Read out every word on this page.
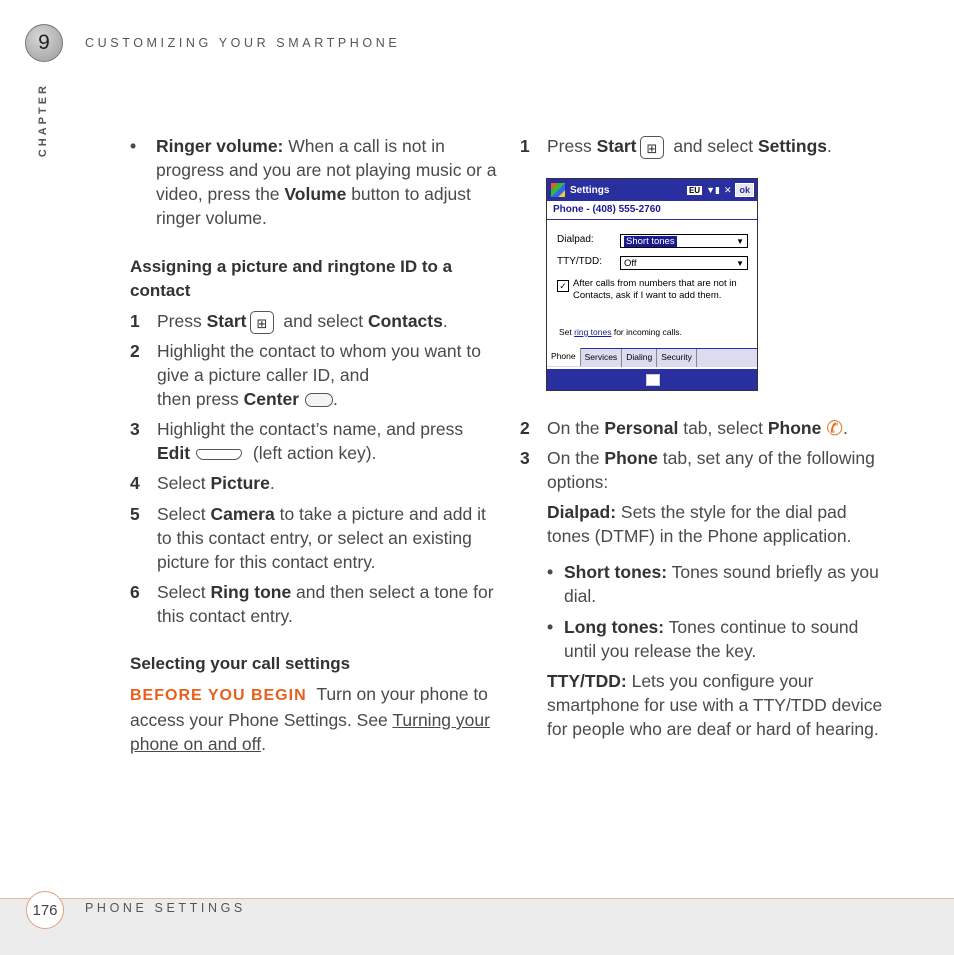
9	CUSTOMIZING YOUR SMARTPHONE
CHAPTER	• Ringer volume: When a call is not in progress and you are not playing music or a video, press the Volume button to adjust ringer volume.
Assigning a picture and ringtone ID to a contact
1 Press Start⊞ and select Contacts.
2 Highlight the contact to whom you want to give a picture caller ID, and
then press Center .
3 Highlight the contact’s name, and press Edit	(left action key).
4 Select Picture.
5 Select Camera to take a picture and add it to this contact entry, or select an existing picture for this contact entry.
6 Select Ring tone and then select a tone for this contact entry.
Selecting your call settings
BEFORE YOU BEGIN Turn on your phone to access your Phone Settings. See Turning your phone on and off.
1 Press Start⊞ and select Settings.
Settings	EU ▼▮ ✕ ok
Phone - (408) 555-2760
Dialpad:	Short tones	▼
TTY/TDD:	Off	▼
✓ After calls from numbers that are not in Contacts, ask if I want to add them.
Set ring tones for incoming calls.
Phone	Services	Dialing	Security
2 On the Personal tab, select Phone ✆.
3 On the Phone tab, set any of the following options:
Dialpad: Sets the style for the dial pad tones (DTMF) in the Phone application.
• Short tones: Tones sound briefly as you dial.
• Long tones: Tones continue to sound until you release the key.
TTY/TDD: Lets you configure your smartphone for use with a TTY/TDD device for people who are deaf or hard of hearing.
176	PHONE SETTINGS
